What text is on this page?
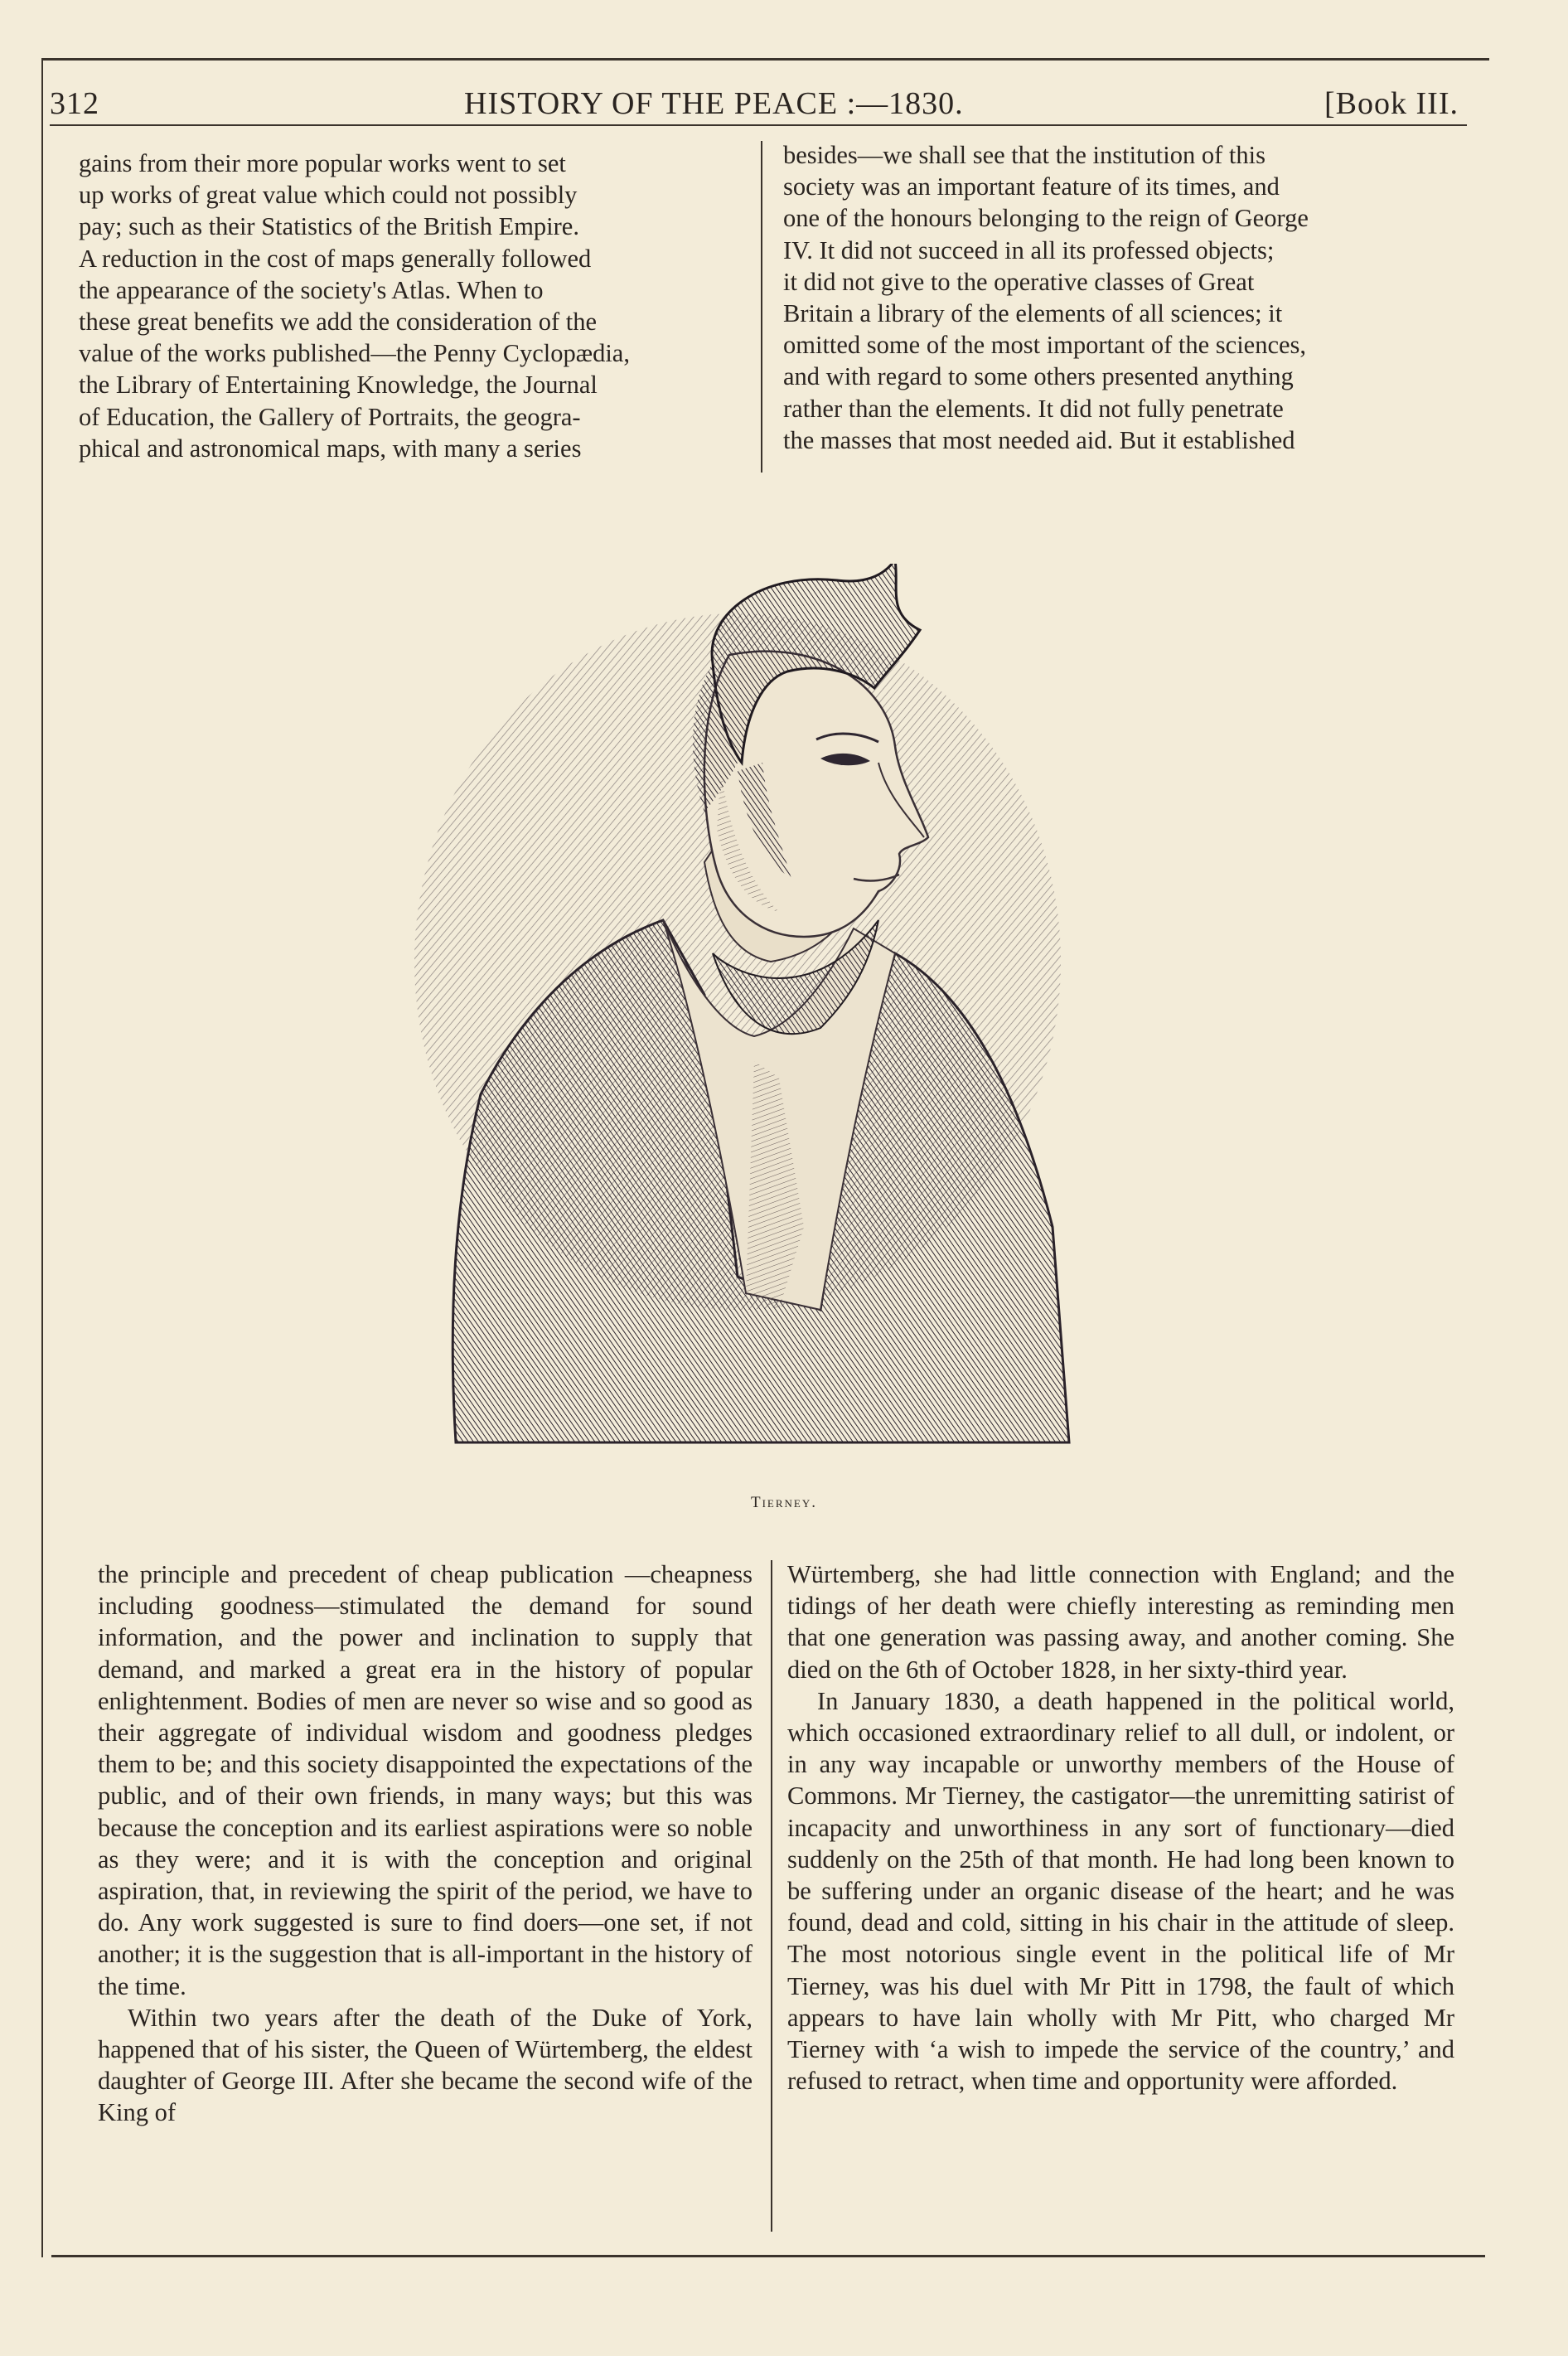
312	HISTORY OF THE PEACE :—1830.	[Book III.
gains from their more popular works went to set
up works of great value which could not possibly
pay; such as their Statistics of the British Empire.
A reduction in the cost of maps generally followed
the appearance of the society's Atlas. When to
these great benefits we add the consideration of the
value of the works published—the Penny Cyclopædia,
the Library of Entertaining Knowledge, the Journal
of Education, the Gallery of Portraits, the geogra-
phical and astronomical maps, with many a series
besides—we shall see that the institution of this
society was an important feature of its times, and
one of the honours belonging to the reign of George
IV. It did not succeed in all its professed objects;
it did not give to the operative classes of Great
Britain a library of the elements of all sciences; it
omitted some of the most important of the sciences,
and with regard to some others presented anything
rather than the elements. It did not fully penetrate
the masses that most needed aid. But it established
Tierney.

the principle and precedent of cheap publication —cheapness including goodness—stimulated the demand for sound information, and the power and inclination to supply that demand, and marked a great era in the history of popular enlightenment. Bodies of men are never so wise and so good as their aggregate of individual wisdom and goodness pledges them to be; and this society disappointed the expectations of the public, and of their own friends, in many ways; but this was because the conception and its earliest aspirations were so noble as they were; and it is with the conception and original aspiration, that, in reviewing the spirit of the period, we have to do. Any work suggested is sure to find doers—one set, if not another; it is the suggestion that is all-important in the history of the time.

Within two years after the death of the Duke of York, happened that of his sister, the Queen of Würtemberg, the eldest daughter of George III. After she became the second wife of the King of

Würtemberg, she had little connection with England; and the tidings of her death were chiefly interesting as reminding men that one generation was passing away, and another coming. She died on the 6th of October 1828, in her sixty-third year.

In January 1830, a death happened in the political world, which occasioned extraordinary relief to all dull, or indolent, or in any way incapable or unworthy members of the House of Commons. Mr Tierney, the castigator—the unremitting satirist of incapacity and unworthiness in any sort of functionary—died suddenly on the 25th of that month. He had long been known to be suffering under an organic disease of the heart; and he was found, dead and cold, sitting in his chair in the attitude of sleep. The most notorious single event in the political life of Mr Tierney, was his duel with Mr Pitt in 1798, the fault of which appears to have lain wholly with Mr Pitt, who charged Mr Tierney with ‘a wish to impede the service of the country,’ and refused to retract, when time and opportunity were afforded.
